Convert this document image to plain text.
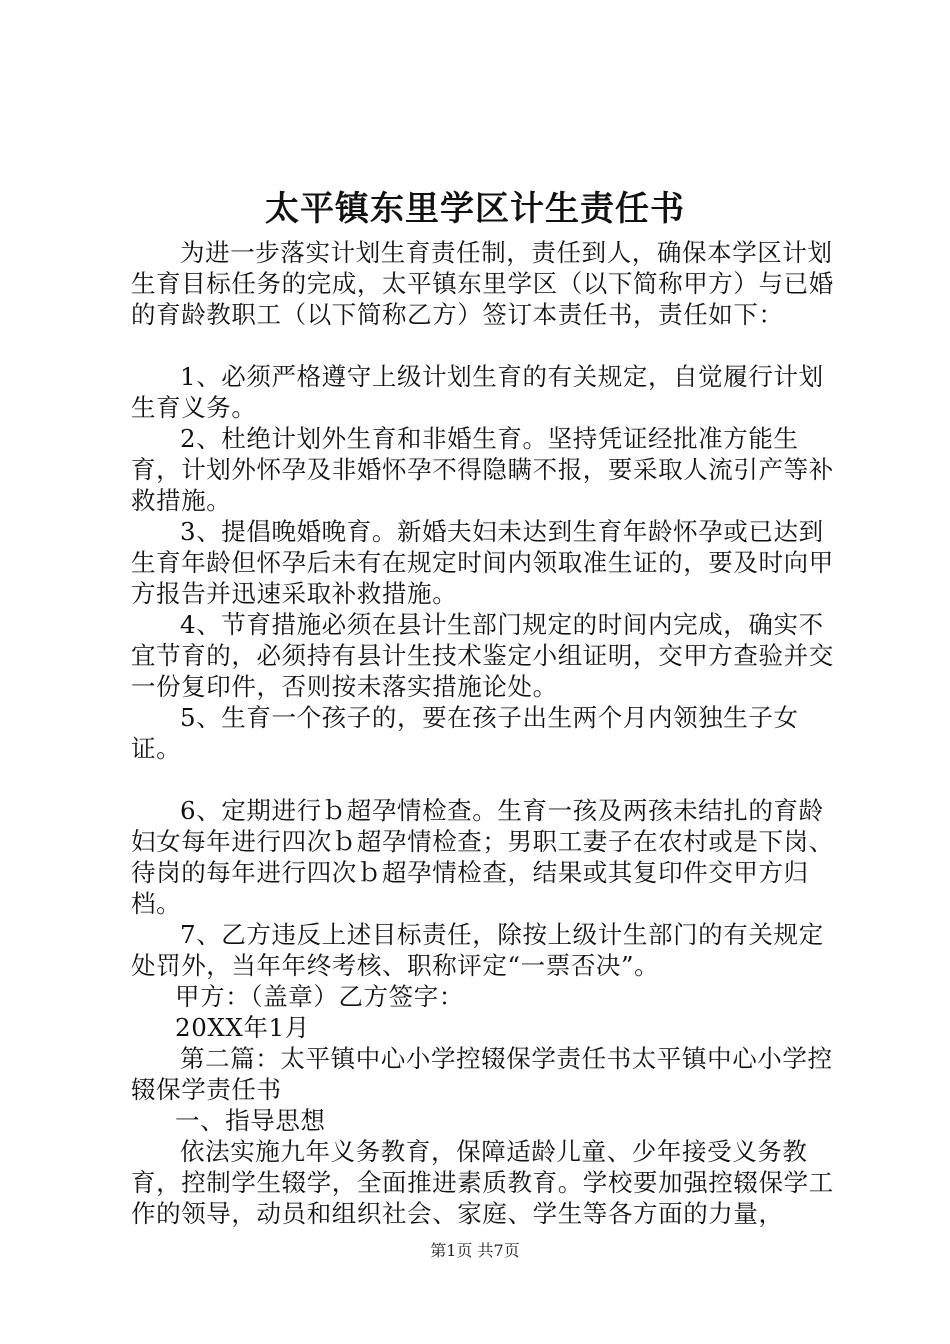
太平镇东里学区计生责任书

为进一步落实计划生育责任制，责任到人，确保本学区计划生育目标任务的完成，太平镇东里学区（以下简称甲方）与已婚的育龄教职工（以下简称乙方）签订本责任书，责任如下：

1、必须严格遵守上级计划生育的有关规定，自觉履行计划生育义务。

2、杜绝计划外生育和非婚生育。坚持凭证经批准方能生育，计划外怀孕及非婚怀孕不得隐瞒不报，要采取人流引产等补救措施。

3、提倡晚婚晚育。新婚夫妇未达到生育年龄怀孕或已达到生育年龄但怀孕后未有在规定时间内领取准生证的，要及时向甲方报告并迅速采取补救措施。

4、节育措施必须在县计生部门规定的时间内完成，确实不宜节育的，必须持有县计生技术鉴定小组证明，交甲方查验并交一份复印件，否则按未落实措施论处。

5、生育一个孩子的，要在孩子出生两个月内领独生子女证。

6、定期进行ｂ超孕情检查。生育一孩及两孩未结扎的育龄妇女每年进行四次ｂ超孕情检查；男职工妻子在农村或是下岗、待岗的每年进行四次ｂ超孕情检查，结果或其复印件交甲方归档。

7、乙方违反上述目标责任，除按上级计生部门的有关规定处罚外，当年年终考核、职称评定“一票否决”。

甲方：（盖章）乙方签字：

20XX年1月

第二篇：太平镇中心小学控辍保学责任书太平镇中心小学控辍保学责任书

一、指导思想

依法实施九年义务教育，保障适龄儿童、少年接受义务教育，控制学生辍学，全面推进素质教育。学校要加强控辍保学工作的领导，动员和组织社会、家庭、学生等各方面的力量，

第1页 共7页
